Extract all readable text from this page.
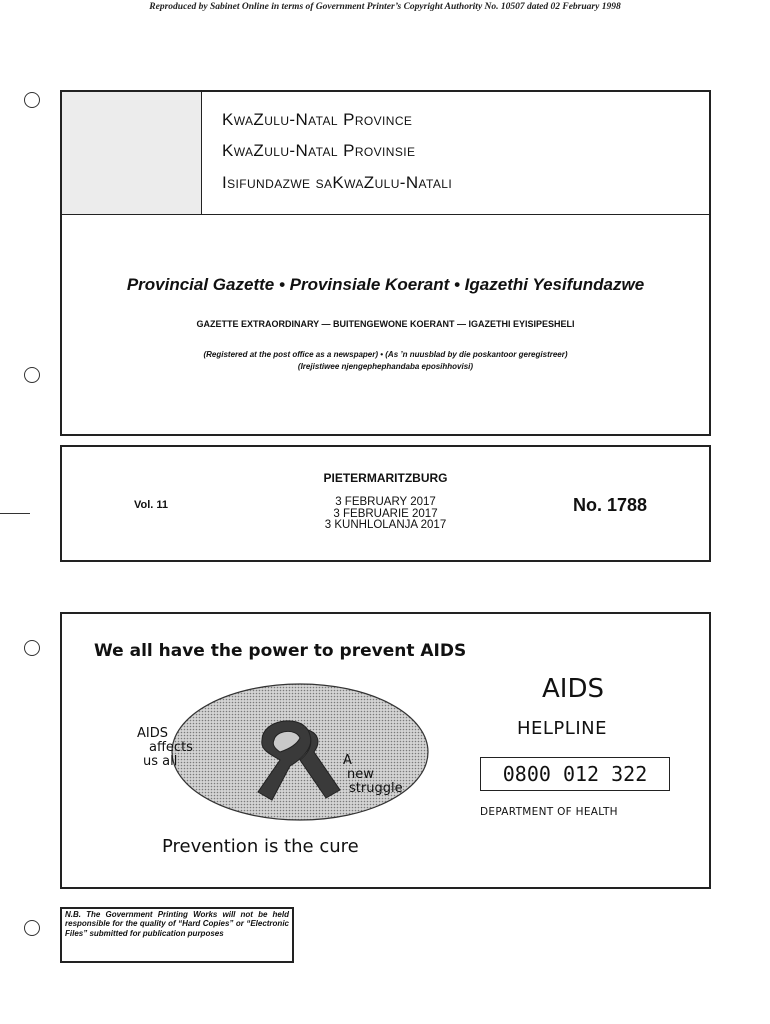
Reproduced by Sabinet Online in terms of Government Printer’s Copyright Authority No. 10507 dated 02 February 1998
KwaZulu-Natal Province
KwaZulu-Natal Provinsie
Isifundazwe saKwaZulu-Natali
Provincial Gazette • Provinsiale Koerant • Igazethi Yesifundazwe
GAZETTE EXTRAORDINARY — BUITENGEWONE KOERANT — IGAZETHI EYISIPESHELI
(Registered at the post office as a newspaper) • (As ’n nuusblad by die poskantoor geregistreer)
(Irejistiwee njengephephandaba eposihhovisi)
PIETERMARITZBURG
Vol. 11	3 FEBRUARY 2017
3 FEBRUARIE 2017
3 KUNHLOLANJA 2017
No. 1788
We all have the power to prevent AIDS
AIDS
affects
us all	A
new
struggle
AIDS
HELPLINE
0800 012 322
DEPARTMENT OF HEALTH
Prevention is the cure
N.B. The Government Printing Works will not be held responsible for the quality of “Hard Copies” or “Electronic Files” submitted for publication purposes
